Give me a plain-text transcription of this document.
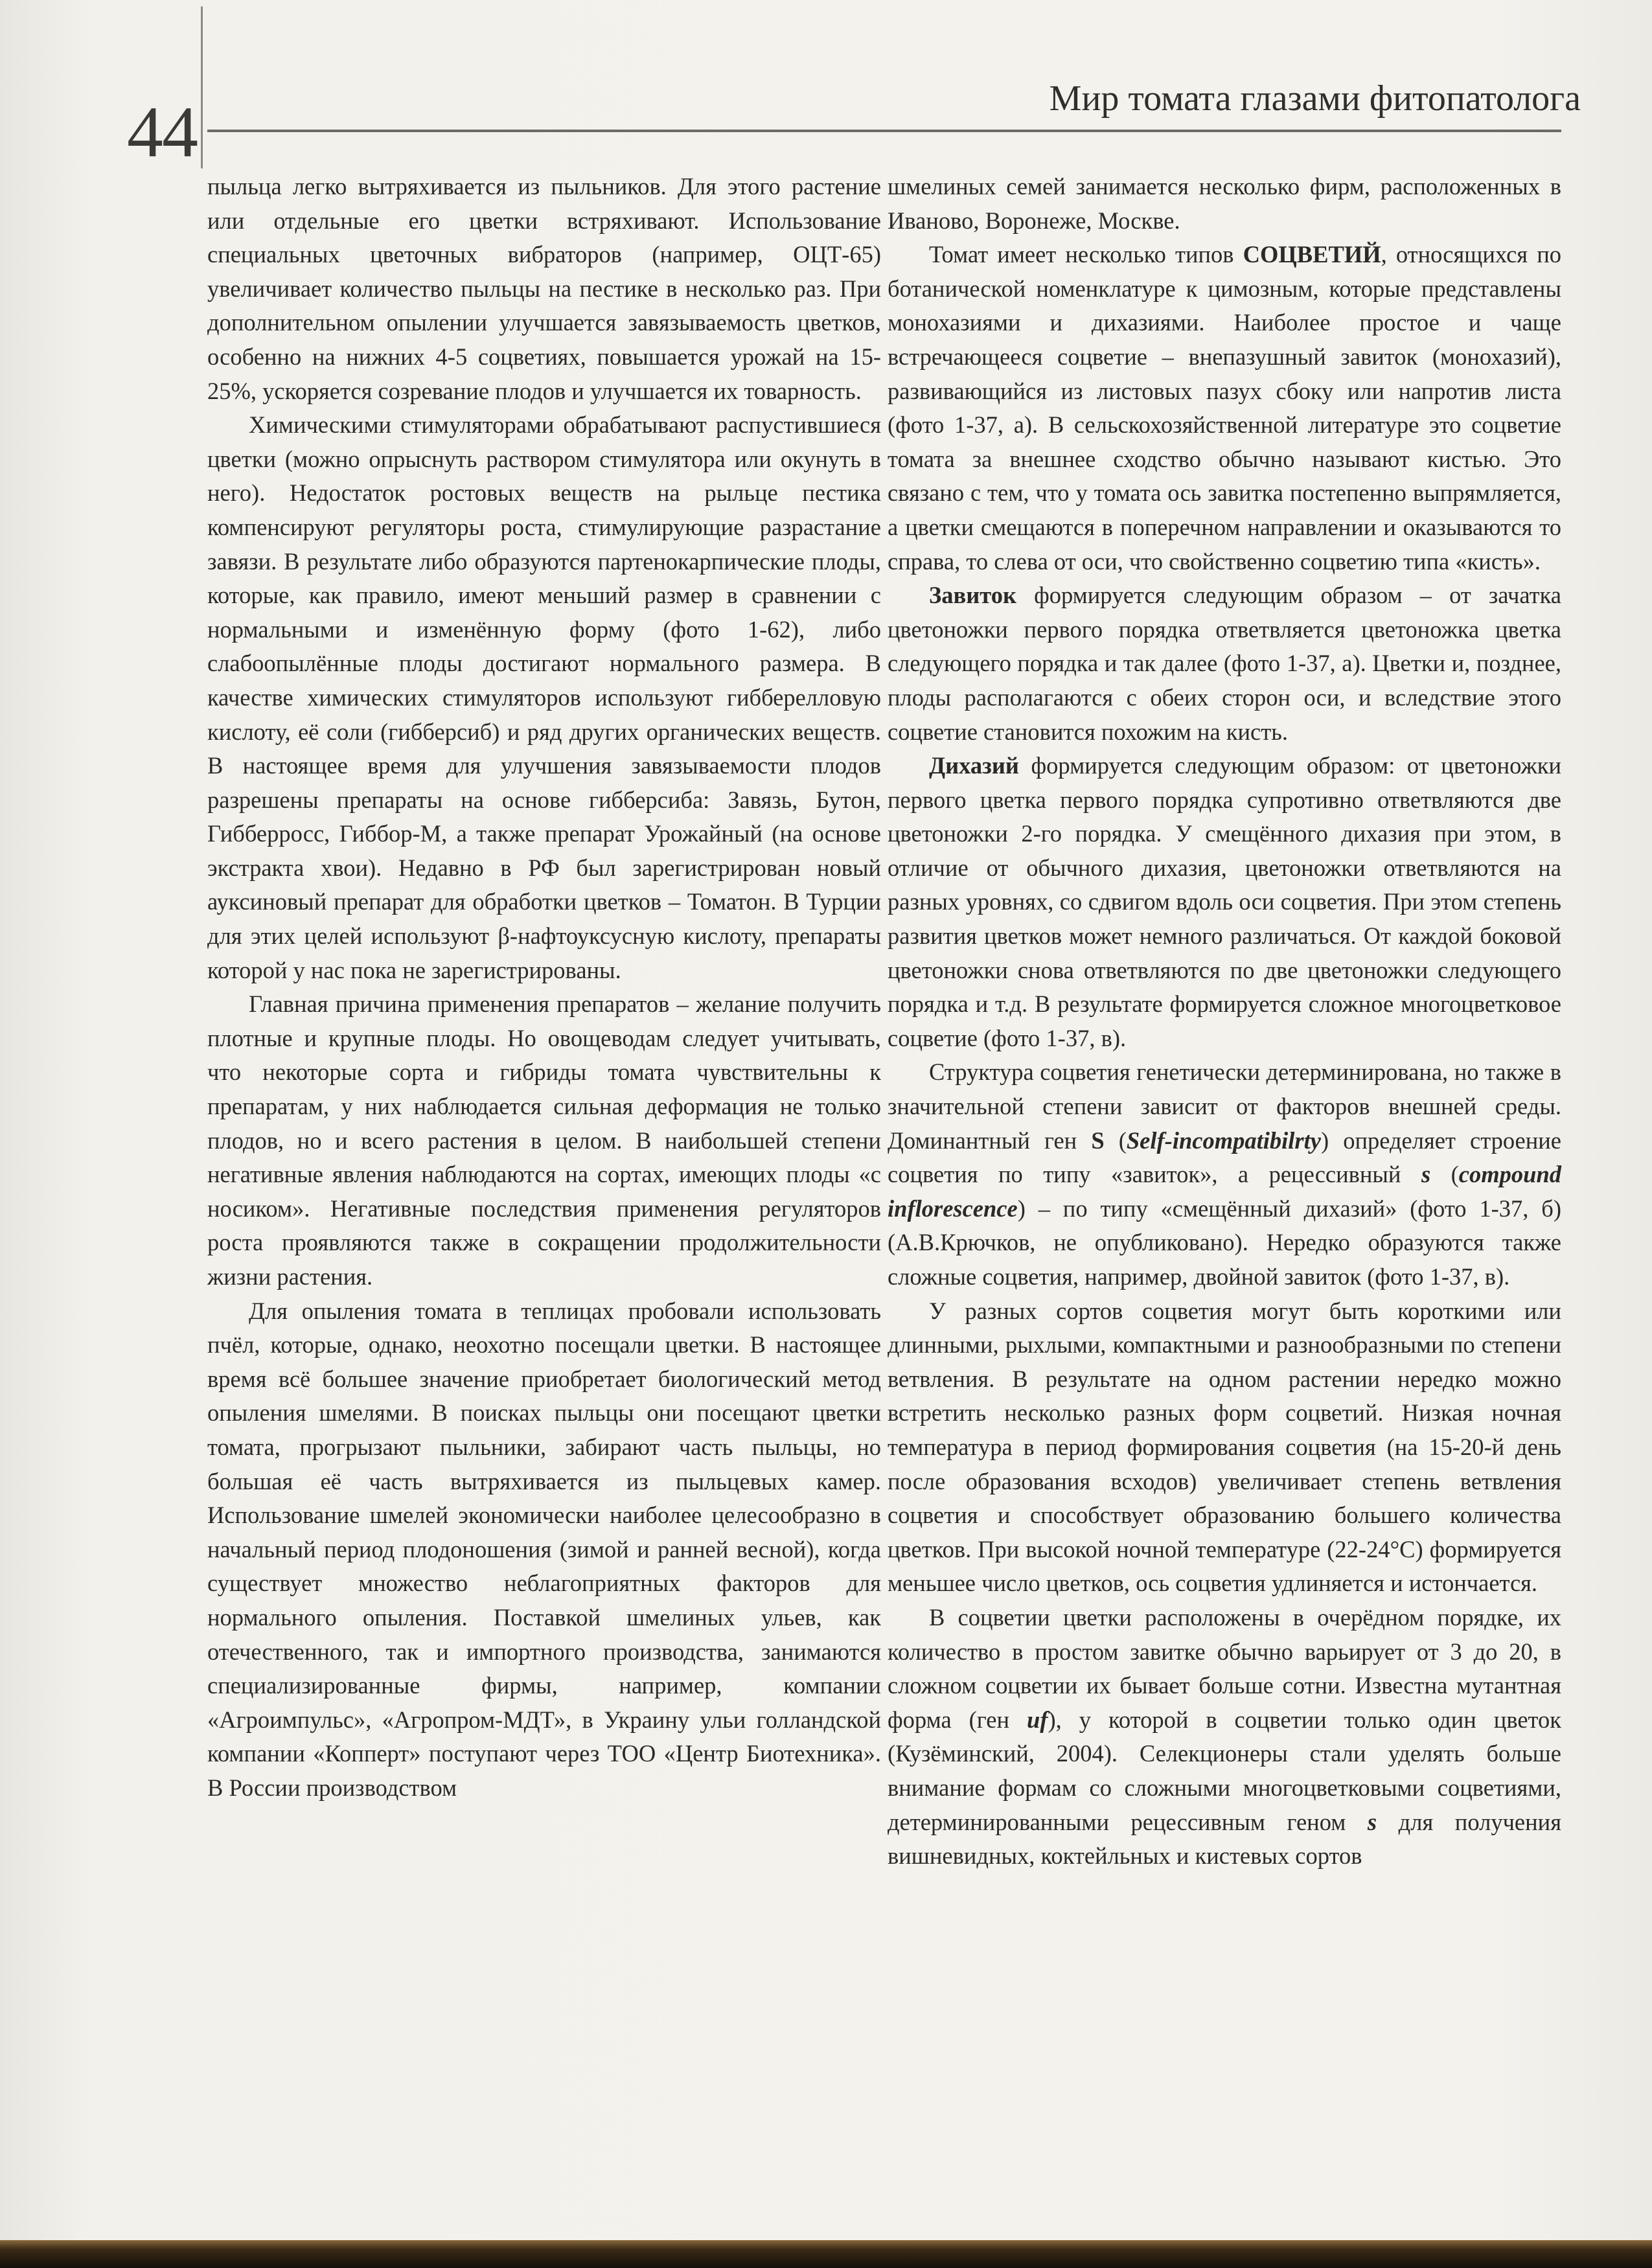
44	Мир томата глазами фитопатолога

пыльца легко вытряхивается из пыльников. Для этого растение или отдельные его цветки встряхивают. Использование специальных цветочных вибраторов (например, ОЦТ-65) увеличивает количество пыльцы на пестике в несколько раз. При дополнительном опылении улучшается завязываемость цветков, особенно на нижних 4-5 соцветиях, повышается урожай на 15-25%, ускоряется созревание плодов и улучшается их товарность.

Химическими стимуляторами обрабатывают распустившиеся цветки (можно опрыснуть раствором стимулятора или окунуть в него). Недостаток ростовых веществ на рыльце пестика компенсируют регуляторы роста, стимулирующие разрастание завязи. В результате либо образуются партенокарпические плоды, которые, как правило, имеют меньший размер в сравнении с нормальными и изменённую форму (фото 1-62), либо слабоопылённые плоды достигают нормального размера. В качестве химических стимуляторов используют гибберелловую кислоту, её соли (гибберсиб) и ряд других органических веществ. В настоящее время для улучшения завязываемости плодов разрешены препараты на основе гибберсиба: Завязь, Бутон, Гибберросс, Гиббор-М, а также препарат Урожайный (на основе экстракта хвои). Недавно в РФ был зарегистрирован новый ауксиновый препарат для обработки цветков – Томатон. В Турции для этих целей используют β-нафтоуксусную кислоту, препараты которой у нас пока не зарегистрированы.

Главная причина применения препаратов – желание получить плотные и крупные плоды. Но овощеводам следует учитывать, что некоторые сорта и гибриды томата чувствительны к препаратам, у них наблюдается сильная деформация не только плодов, но и всего растения в целом. В наибольшей степени негативные явления наблюдаются на сортах, имеющих плоды «с носиком». Негативные последствия применения регуляторов роста проявляются также в сокращении продолжительности жизни растения.

Для опыления томата в теплицах пробовали использовать пчёл, которые, однако, неохотно посещали цветки. В настоящее время всё большее значение приобретает биологический метод опыления шмелями. В поисках пыльцы они посещают цветки томата, прогрызают пыльники, забирают часть пыльцы, но большая её часть вытряхивается из пыльцевых камер. Использование шмелей экономически наиболее целесообразно в начальный период плодоношения (зимой и ранней весной), когда существует множество неблагоприятных факторов для нормального опыления. Поставкой шмелиных ульев, как отечественного, так и импортного производства, занимаются специализированные фирмы, например, компании «Агроимпульс», «Агропром-МДТ», в Украину ульи голландской компании «Копперт» поступают через ТОО «Центр Биотехника». В России производством

шмелиных семей занимается несколько фирм, расположенных в Иваново, Воронеже, Москве.

Томат имеет несколько типов СОЦВЕТИЙ, относящихся по ботанической номенклатуре к цимозным, которые представлены монохазиями и дихазиями. Наиболее простое и чаще встречающееся соцветие – внепазушный завиток (монохазий), развивающийся из листовых пазух сбоку или напротив листа (фото 1-37, а). В сельскохозяйственной литературе это соцветие томата за внешнее сходство обычно называют кистью. Это связано с тем, что у томата ось завитка постепенно выпрямляется, а цветки смещаются в поперечном направлении и оказываются то справа, то слева от оси, что свойственно соцветию типа «кисть».

Завиток формируется следующим образом – от зачатка цветоножки первого порядка ответвляется цветоножка цветка следующего порядка и так далее (фото 1-37, а). Цветки и, позднее, плоды располагаются с обеих сторон оси, и вследствие этого соцветие становится похожим на кисть.

Дихазий формируется следующим образом: от цветоножки первого цветка первого порядка супротивно ответвляются две цветоножки 2-го порядка. У смещённого дихазия при этом, в отличие от обычного дихазия, цветоножки ответвляются на разных уровнях, со сдвигом вдоль оси соцветия. При этом степень развития цветков может немного различаться. От каждой боковой цветоножки снова ответвляются по две цветоножки следующего порядка и т.д. В результате формируется сложное многоцветковое соцветие (фото 1-37, в).

Структура соцветия генетически детерминирована, но также в значительной степени зависит от факторов внешней среды. Доминантный ген S (Self-incompatibilrty) определяет строение соцветия по типу «завиток», а рецессивный s (compound inflorescence) – по типу «смещённый дихазий» (фото 1-37, б) (А.В.Крючков, не опубликовано). Нередко образуются также сложные соцветия, например, двойной завиток (фото 1-37, в).

У разных сортов соцветия могут быть короткими или длинными, рыхлыми, компактными и разнообразными по степени ветвления. В результате на одном растении нередко можно встретить несколько разных форм соцветий. Низкая ночная температура в период формирования соцветия (на 15-20-й день после образования всходов) увеличивает степень ветвления соцветия и способствует образованию большего количества цветков. При высокой ночной температуре (22-24°С) формируется меньшее число цветков, ось соцветия удлиняется и истончается.

В соцветии цветки расположены в очерёдном порядке, их количество в простом завитке обычно варьирует от 3 до 20, в сложном соцветии их бывает больше сотни. Известна мутантная форма (ген uf), у которой в соцветии только один цветок (Кузёминский, 2004). Селекционеры стали уделять больше внимание формам со сложными многоцветковыми соцветиями, детерминированными рецессивным геном s для получения вишневидных, коктейльных и кистевых сортов
